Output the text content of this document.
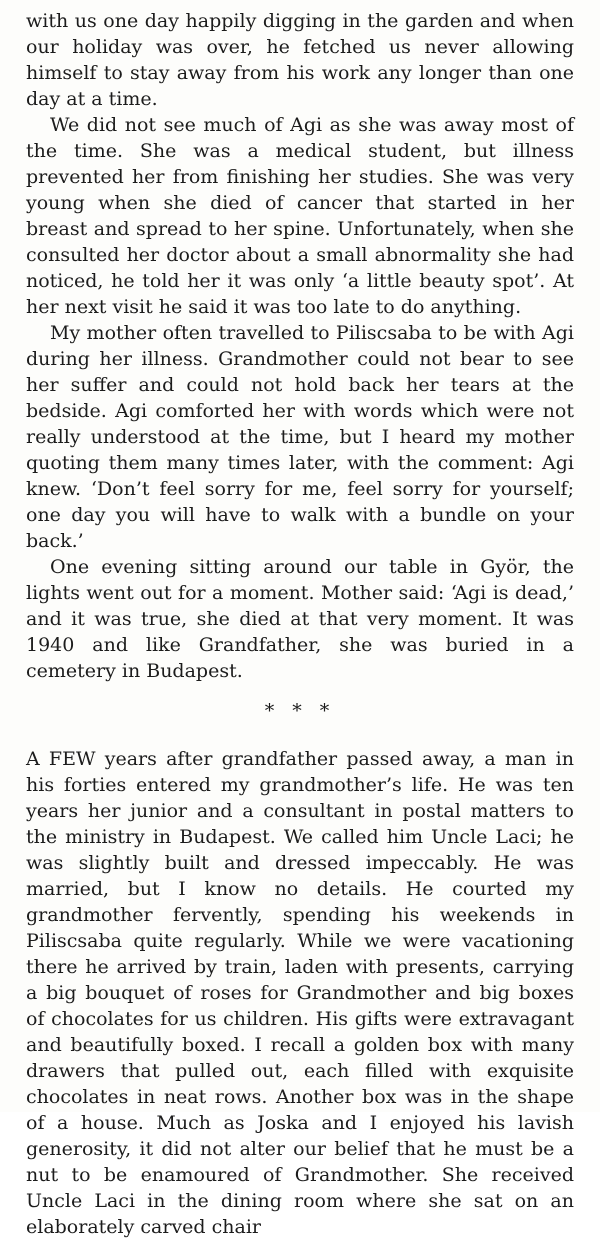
with us one day happily digging in the garden and when our holiday was over, he fetched us never allowing himself to stay away from his work any longer than one day at a time.

We did not see much of Agi as she was away most of the time. She was a medical student, but illness prevented her from finishing her studies. She was very young when she died of cancer that started in her breast and spread to her spine. Unfortunately, when she consulted her doctor about a small abnormality she had noticed, he told her it was only ‘a little beauty spot’. At her next visit he said it was too late to do anything.

My mother often travelled to Piliscsaba to be with Agi during her illness. Grandmother could not bear to see her suffer and could not hold back her tears at the bedside. Agi comforted her with words which were not really understood at the time, but I heard my mother quoting them many times later, with the comment: Agi knew. ‘Don’t feel sorry for me, feel sorry for yourself; one day you will have to walk with a bundle on your back.’

One evening sitting around our table in Györ, the lights went out for a moment. Mother said: ‘Agi is dead,’ and it was true, she died at that very moment. It was 1940 and like Grandfather, she was buried in a cemetery in Budapest.

* * *

A FEW years after grandfather passed away, a man in his forties entered my grandmother’s life. He was ten years her junior and a consultant in postal matters to the ministry in Budapest. We called him Uncle Laci; he was slightly built and dressed impeccably. He was married, but I know no details. He courted my grandmother fervently, spending his weekends in Piliscsaba quite regularly. While we were vacationing there he arrived by train, laden with presents, carrying a big bouquet of roses for Grandmother and big boxes of chocolates for us children. His gifts were extravagant and beautifully boxed. I recall a golden box with many drawers that pulled out, each filled with exquisite chocolates in neat rows. Another box was in the shape of a house. Much as Joska and I enjoyed his lavish generosity, it did not alter our belief that he must be a nut to be enamoured of Grandmother. She received Uncle Laci in the dining room where she sat on an elaborately carved chair
